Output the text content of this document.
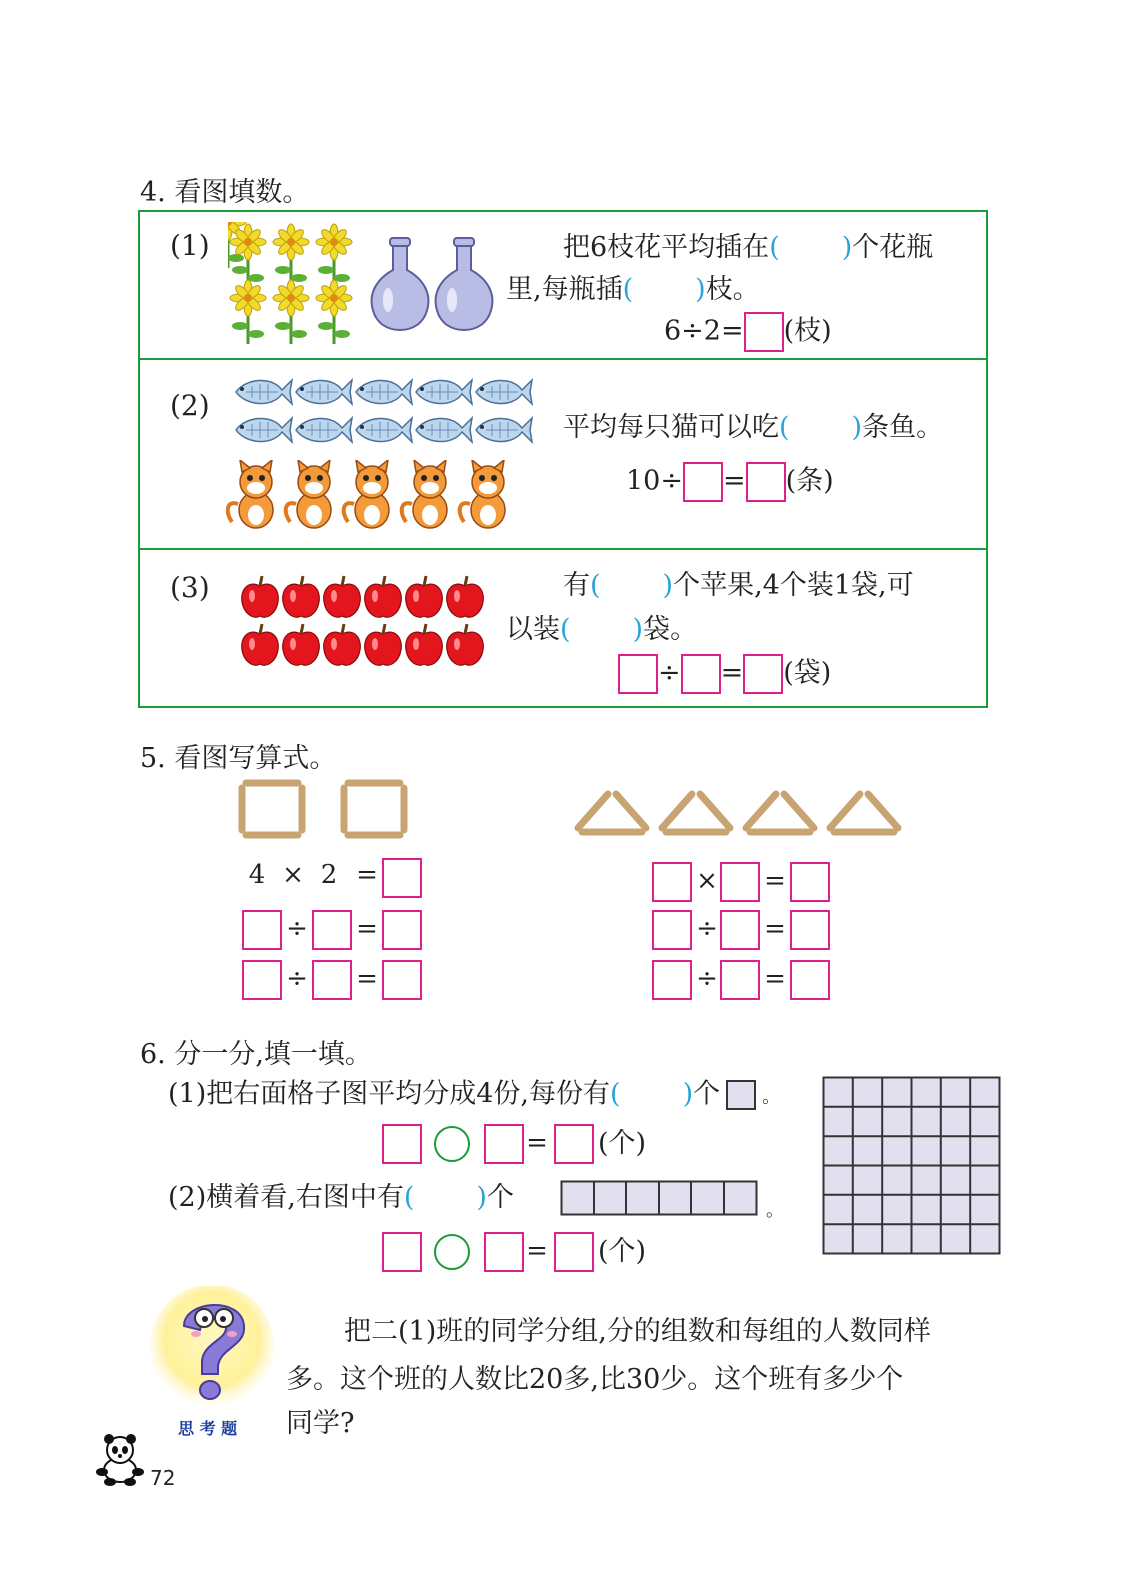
4. 看图填数。
(1)	把6枝花平均插在( )个花瓶
里,每瓶插( )枝。
6÷2= (枝)
(2)
平均每只猫可以吃( )条鱼。
10÷ = (条)
(3)	有( )个苹果,4个装1袋,可
以装( )袋。
÷ = (袋)
5. 看图写算式。
4 × 2 =
÷ =
÷ =
× =
÷ =
÷ =
6. 分一分,填一填。
(1)把右面格子图平均分成4份,每份有( )个 。
= (个)
(2)横着看,右图中有( )个	。
= (个)
思 考 题
把二(1)班的同学分组,分的组数和每组的人数同样
多。这个班的人数比20多,比30少。这个班有多少个
同学?
72
